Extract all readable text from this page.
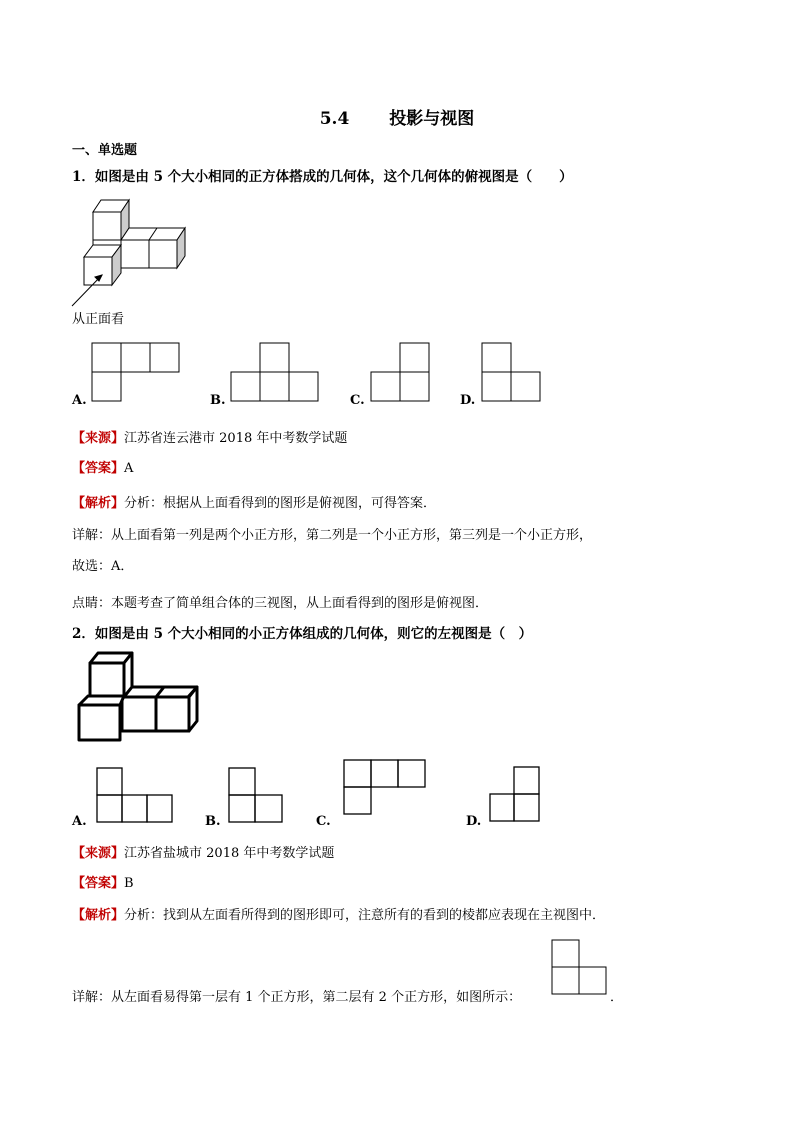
5.4 投影与视图
一、单选题
1．如图是由 5 个大小相同的正方体搭成的几何体，这个几何体的俯视图是（　　）
从正面看
A.	B.	C.	D.
【来源】江苏省连云港市 2018 年中考数学试题
【答案】A
【解析】分析：根据从上面看得到的图形是俯视图，可得答案．
详解：从上面看第一列是两个小正方形，第二列是一个小正方形，第三列是一个小正方形，
故选：A．
点睛：本题考查了简单组合体的三视图，从上面看得到的图形是俯视图．
2．如图是由 5 个大小相同的小正方体组成的几何体，则它的左视图是（　）
A.	B.	C.	D.
【来源】江苏省盐城市 2018 年中考数学试题
【答案】B
【解析】分析：找到从左面看所得到的图形即可，注意所有的看到的棱都应表现在主视图中．
详解：从左面看易得第一层有 1 个正方形，第二层有 2 个正方形，如图所示：	．
